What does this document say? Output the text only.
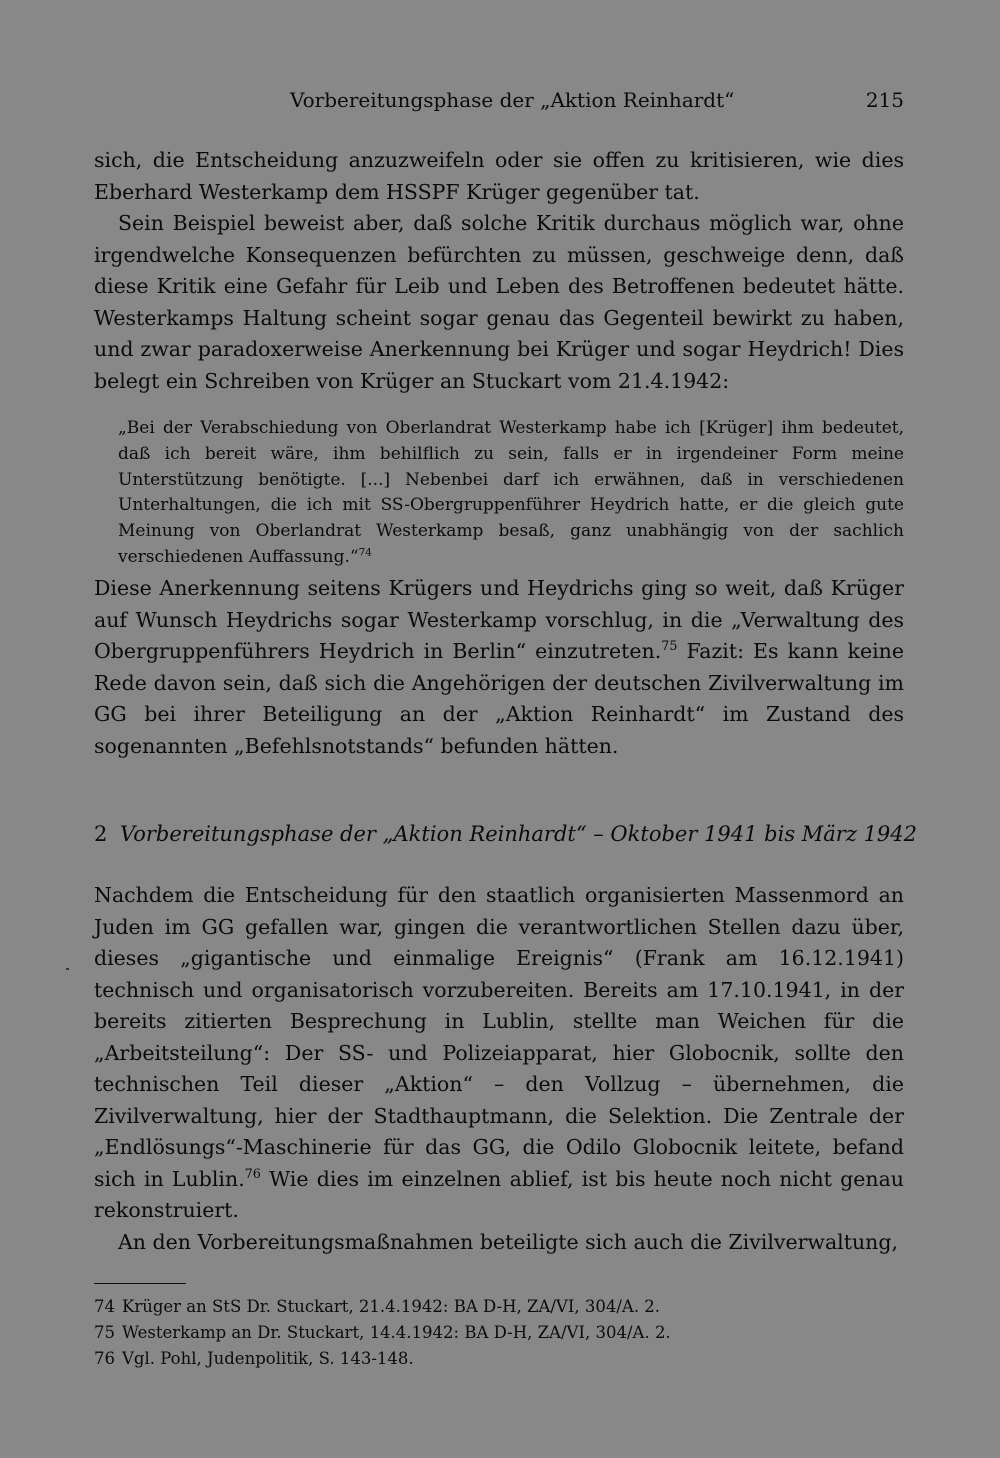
Vorbereitungsphase der „Aktion Reinhardt“	215

sich, die Entscheidung anzuzweifeln oder sie offen zu kritisieren, wie dies Eberhard Westerkamp dem HSSPF Krüger gegenüber tat.

Sein Beispiel beweist aber, daß solche Kritik durchaus möglich war, ohne irgendwelche Konsequenzen befürchten zu müssen, geschweige denn, daß diese Kritik eine Gefahr für Leib und Leben des Betroffenen bedeutet hätte. Westerkamps Haltung scheint sogar genau das Gegenteil bewirkt zu haben, und zwar paradoxerweise Anerkennung bei Krüger und sogar Heydrich! Dies belegt ein Schreiben von Krüger an Stuckart vom 21.4.1942:

„Bei der Verabschiedung von Oberlandrat Westerkamp habe ich [Krüger] ihm bedeutet, daß ich bereit wäre, ihm behilflich zu sein, falls er in irgendeiner Form meine Unterstützung benötigte. [...] Nebenbei darf ich erwähnen, daß in verschiedenen Unterhaltungen, die ich mit SS-Obergruppenführer Heydrich hatte, er die gleich gute Meinung von Oberlandrat Westerkamp besaß, ganz unabhängig von der sachlich verschiedenen Auffassung.“$^{74}$

Diese Anerkennung seitens Krügers und Heydrichs ging so weit, daß Krüger auf Wunsch Heydrichs sogar Westerkamp vorschlug, in die „Verwaltung des Obergruppenführers Heydrich in Berlin“ einzutreten.$^{75}$ Fazit: Es kann keine Rede davon sein, daß sich die Angehörigen der deutschen Zivilverwaltung im GG bei ihrer Beteiligung an der „Aktion Reinhardt“ im Zustand des sogenannten „Befehlsnotstands“ befunden hätten.

2 Vorbereitungsphase der „Aktion Reinhardt“ – Oktober 1941 bis März 1942

Nachdem die Entscheidung für den staatlich organisierten Massenmord an Juden im GG gefallen war, gingen die verantwortlichen Stellen dazu über, dieses „gigantische und einmalige Ereignis“ (Frank am 16.12.1941) technisch und organisatorisch vorzubereiten. Bereits am 17.10.1941, in der bereits zitierten Besprechung in Lublin, stellte man Weichen für die „Arbeitsteilung“: Der SS- und Polizeiapparat, hier Globocnik, sollte den technischen Teil dieser „Aktion“ – den Vollzug – übernehmen, die Zivilverwaltung, hier der Stadthauptmann, die Selektion. Die Zentrale der „Endlösungs“-Maschinerie für das GG, die Odilo Globocnik leitete, befand sich in Lublin.$^{76}$ Wie dies im einzelnen ablief, ist bis heute noch nicht genau rekonstruiert.

An den Vorbereitungsmaßnahmen beteiligte sich auch die Zivilverwaltung,

74 Krüger an StS Dr. Stuckart, 21.4.1942: BA D-H, ZA/VI, 304/A. 2.
75 Westerkamp an Dr. Stuckart, 14.4.1942: BA D-H, ZA/VI, 304/A. 2.
76 Vgl. Pohl, Judenpolitik, S. 143-148.
